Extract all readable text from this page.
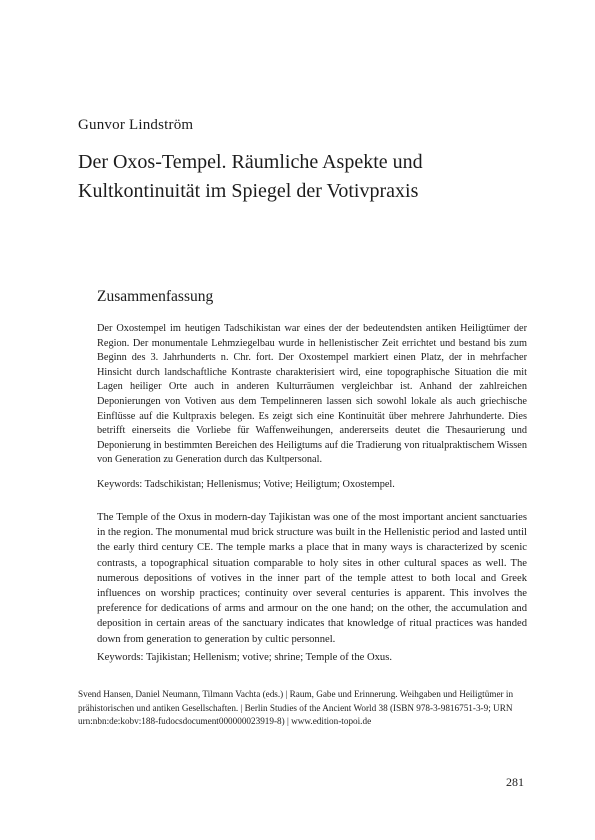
Gunvor Lindström
Der Oxos-Tempel. Räumliche Aspekte und Kultkontinuität im Spiegel der Votivpraxis
Zusammenfassung
Der Oxostempel im heutigen Tadschikistan war eines der der bedeutendsten antiken Heiligtümer der Region. Der monumentale Lehmziegelbau wurde in hellenistischer Zeit errichtet und bestand bis zum Beginn des 3. Jahrhunderts n. Chr. fort. Der Oxostempel markiert einen Platz, der in mehrfacher Hinsicht durch landschaftliche Kontraste charakterisiert wird, eine topographische Situation die mit Lagen heiliger Orte auch in anderen Kulturräumen vergleichbar ist. Anhand der zahlreichen Deponierungen von Votiven aus dem Tempelinneren lassen sich sowohl lokale als auch griechische Einflüsse auf die Kultpraxis belegen. Es zeigt sich eine Kontinuität über mehrere Jahrhunderte. Dies betrifft einerseits die Vorliebe für Waffenweihungen, andererseits deutet die Thesaurierung und Deponierung in bestimmten Bereichen des Heiligtums auf die Tradierung von ritualpraktischem Wissen von Generation zu Generation durch das Kultpersonal.
Keywords: Tadschikistan; Hellenismus; Votive; Heiligtum; Oxostempel.
The Temple of the Oxus in modern-day Tajikistan was one of the most important ancient sanctuaries in the region. The monumental mud brick structure was built in the Hellenistic period and lasted until the early third century CE. The temple marks a place that in many ways is characterized by scenic contrasts, a topographical situation comparable to holy sites in other cultural spaces as well. The numerous depositions of votives in the inner part of the temple attest to both local and Greek influences on worship practices; continuity over several centuries is apparent. This involves the preference for dedications of arms and armour on the one hand; on the other, the accumulation and deposition in certain areas of the sanctuary indicates that knowledge of ritual practices was handed down from generation to generation by cultic personnel.
Keywords: Tajikistan; Hellenism; votive; shrine; Temple of the Oxus.
Svend Hansen, Daniel Neumann, Tilmann Vachta (eds.) | Raum, Gabe und Erinnerung. Weihgaben und Heiligtümer in prähistorischen und antiken Gesellschaften. | Berlin Studies of the Ancient World 38 (ISBN 978-3-9816751-3-9; URN urn:nbn:de:kobv:188-fudocsdocument000000023919-8) | www.edition-topoi.de
281
